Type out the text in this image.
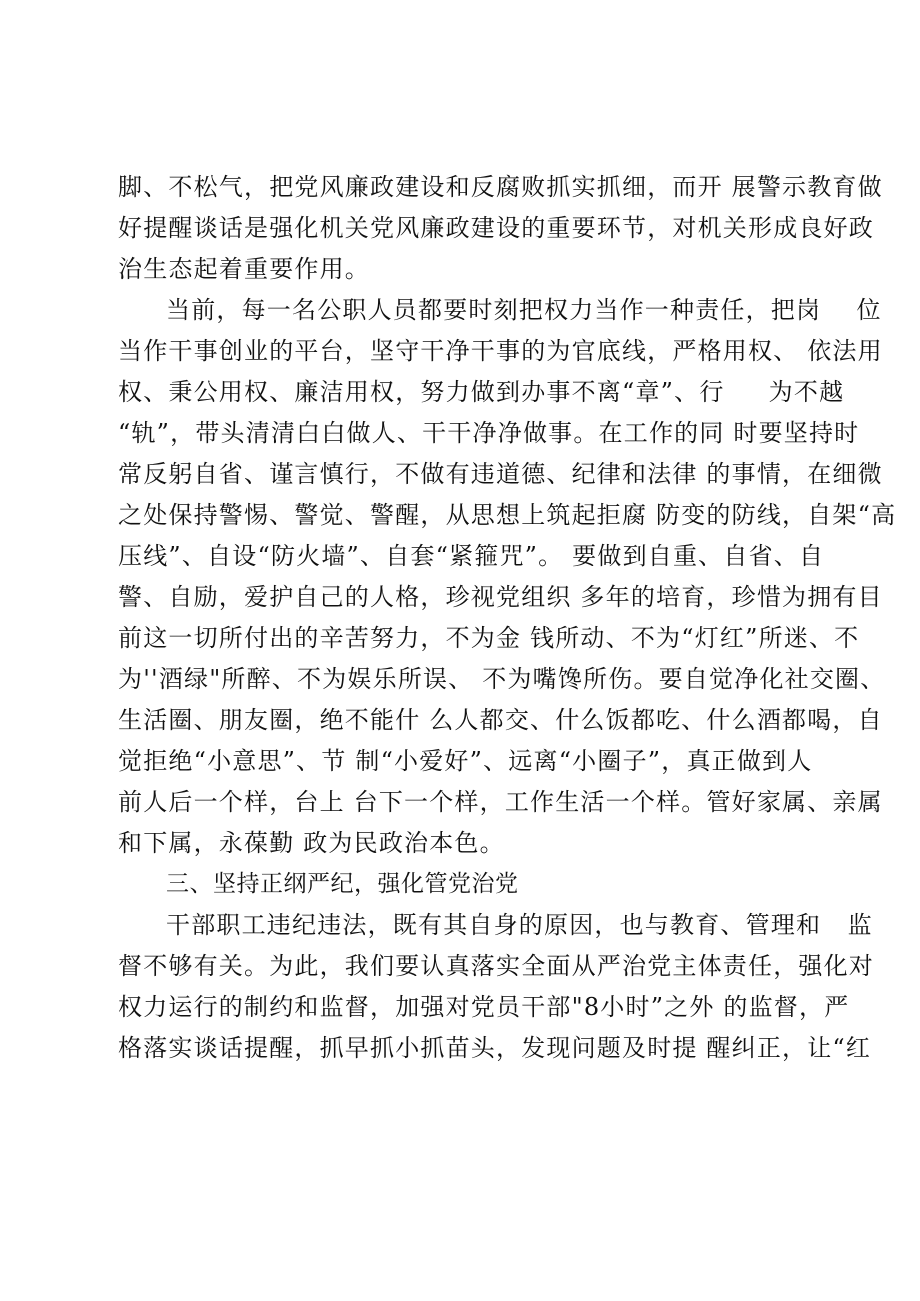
脚、不松气，把党风廉政建设和反腐败抓实抓细，而开 展警示教育做
好提醒谈话是强化机关党风廉政建设的重要环节，对机关形成良好政
治生态起着重要作用。
当前，每一名公职人员都要时刻把权力当作一种责任，把岗    位
当作干事创业的平台，坚守干净干事的为官底线，严格用权、 依法用
权、秉公用权、廉洁用权，努力做到办事不离“章”、行     为不越
“轨”，带头清清白白做人、干干净净做事。在工作的同 时要坚持时
常反躬自省、谨言慎行，不做有违道德、纪律和法律 的事情，在细微
之处保持警惕、警觉、警醒，从思想上筑起拒腐 防变的防线，自架“高
压线”、自设“防火墙”、自套“紧箍咒”。 要做到自重、自省、自
警、自励，爱护自己的人格，珍视党组织 多年的培育，珍惜为拥有目
前这一切所付出的辛苦努力，不为金 钱所动、不为“灯红”所迷、不
为''酒绿"所醉、不为娱乐所误、 不为嘴馋所伤。要自觉净化社交圈、
生活圈、朋友圈，绝不能什 么人都交、什么饭都吃、什么酒都喝，自
觉拒绝“小意思”、节 制“小爱好”、远离“小圈子”，真正做到人
前人后一个样，台上 台下一个样，工作生活一个样。管好家属、亲属
和下属，永葆勤 政为民政治本色。
三、坚持正纲严纪，强化管党治党
干部职工违纪违法，既有其自身的原因，也与教育、管理和   监
督不够有关。为此，我们要认真落实全面从严治党主体责任，强化对
权力运行的制约和监督，加强对党员干部"8小时”之外 的监督，严
格落实谈话提醒，抓早抓小抓苗头，发现问题及时提 醒纠正，让“红
